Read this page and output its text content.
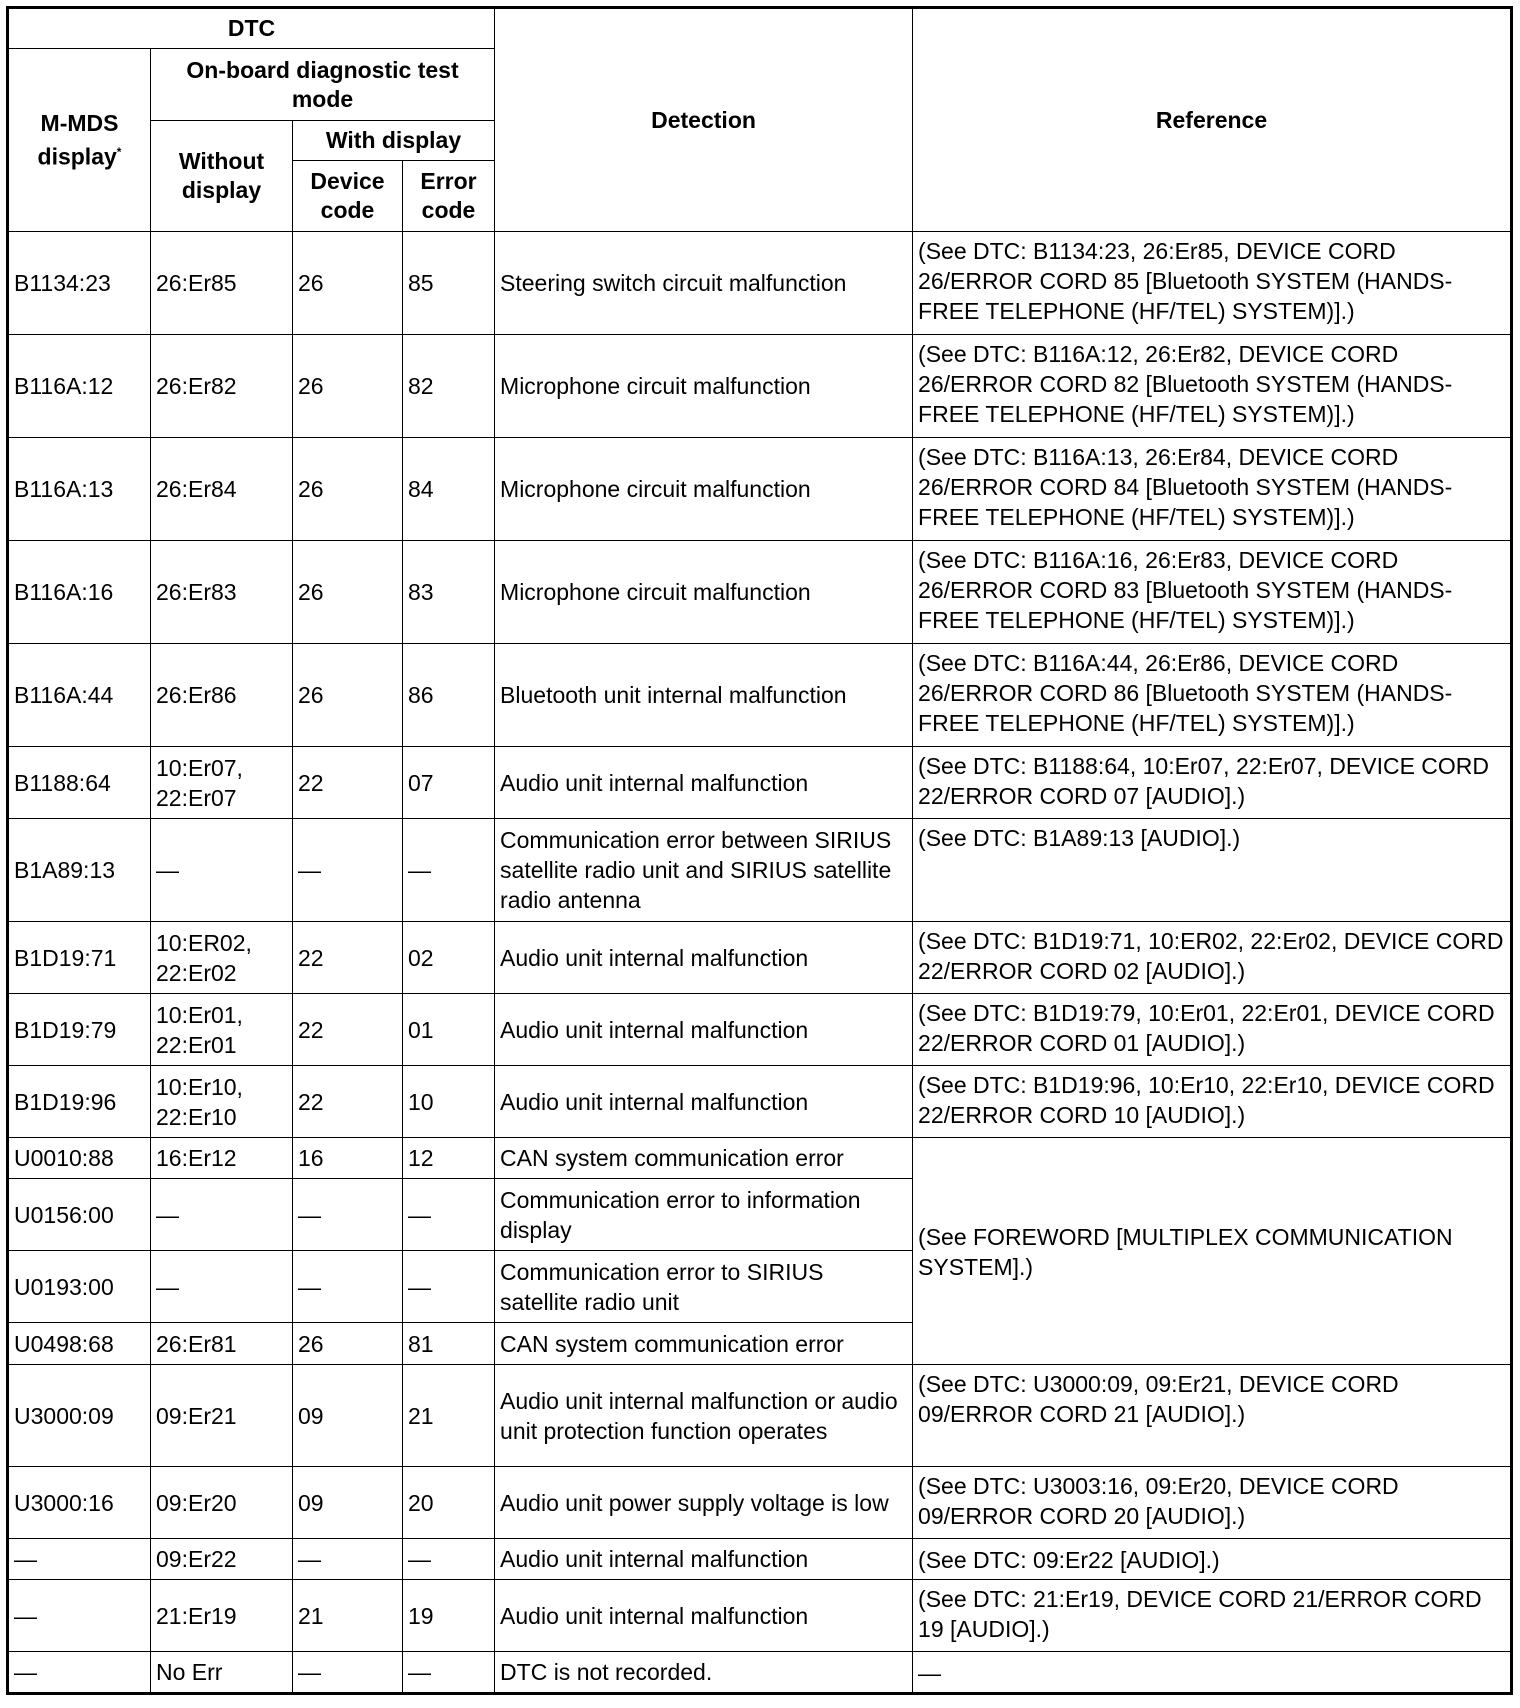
DTC				Detection	Reference
M-MDS
display*	On-board diagnostic test mode				
	Without display	With display			
		Device code	Error code		
B1134:23	26:Er85	26	85	Steering switch circuit malfunction	(See DTC: B1134:23, 26:Er85, DEVICE CORD 26/ERROR CORD 85 [Bluetooth SYSTEM (HANDS-FREE TELEPHONE (HF/TEL) SYSTEM)].)
B116A:12	26:Er82	26	82	Microphone circuit malfunction	(See DTC: B116A:12, 26:Er82, DEVICE CORD 26/ERROR CORD 82 [Bluetooth SYSTEM (HANDS-FREE TELEPHONE (HF/TEL) SYSTEM)].)
B116A:13	26:Er84	26	84	Microphone circuit malfunction	(See DTC: B116A:13, 26:Er84, DEVICE CORD 26/ERROR CORD 84 [Bluetooth SYSTEM (HANDS-FREE TELEPHONE (HF/TEL) SYSTEM)].)
B116A:16	26:Er83	26	83	Microphone circuit malfunction	(See DTC: B116A:16, 26:Er83, DEVICE CORD 26/ERROR CORD 83 [Bluetooth SYSTEM (HANDS-FREE TELEPHONE (HF/TEL) SYSTEM)].)
B116A:44	26:Er86	26	86	Bluetooth unit internal malfunction	(See DTC: B116A:44, 26:Er86, DEVICE CORD 26/ERROR CORD 86 [Bluetooth SYSTEM (HANDS-FREE TELEPHONE (HF/TEL) SYSTEM)].)
B1188:64	10:Er07, 22:Er07	22	07	Audio unit internal malfunction	(See DTC: B1188:64, 10:Er07, 22:Er07, DEVICE CORD 22/ERROR CORD 07 [AUDIO].)
B1A89:13	—	—	—	Communication error between SIRIUS satellite radio unit and SIRIUS satellite radio antenna	(See DTC: B1A89:13 [AUDIO].)
B1D19:71	10:ER02, 22:Er02	22	02	Audio unit internal malfunction	(See DTC: B1D19:71, 10:ER02, 22:Er02, DEVICE CORD 22/ERROR CORD 02 [AUDIO].)
B1D19:79	10:Er01, 22:Er01	22	01	Audio unit internal malfunction	(See DTC: B1D19:79, 10:Er01, 22:Er01, DEVICE CORD 22/ERROR CORD 01 [AUDIO].)
B1D19:96	10:Er10, 22:Er10	22	10	Audio unit internal malfunction	(See DTC: B1D19:96, 10:Er10, 22:Er10, DEVICE CORD 22/ERROR CORD 10 [AUDIO].)
U0010:88	16:Er12	16	12	CAN system communication error	(See FOREWORD [MULTIPLEX COMMUNICATION SYSTEM].)
U0156:00	—	—	—	Communication error to information display	
U0193:00	—	—	—	Communication error to SIRIUS satellite radio unit	
U0498:68	26:Er81	26	81	CAN system communication error	
U3000:09	09:Er21	09	21	Audio unit internal malfunction or audio unit protection function operates	(See DTC: U3000:09, 09:Er21, DEVICE CORD 09/ERROR CORD 21 [AUDIO].)
U3000:16	09:Er20	09	20	Audio unit power supply voltage is low	(See DTC: U3003:16, 09:Er20, DEVICE CORD 09/ERROR CORD 20 [AUDIO].)
—	09:Er22	—	—	Audio unit internal malfunction	(See DTC: 09:Er22 [AUDIO].)
—	21:Er19	21	19	Audio unit internal malfunction	(See DTC: 21:Er19, DEVICE CORD 21/ERROR CORD 19 [AUDIO].)
—	No Err	—	—	DTC is not recorded.	—
